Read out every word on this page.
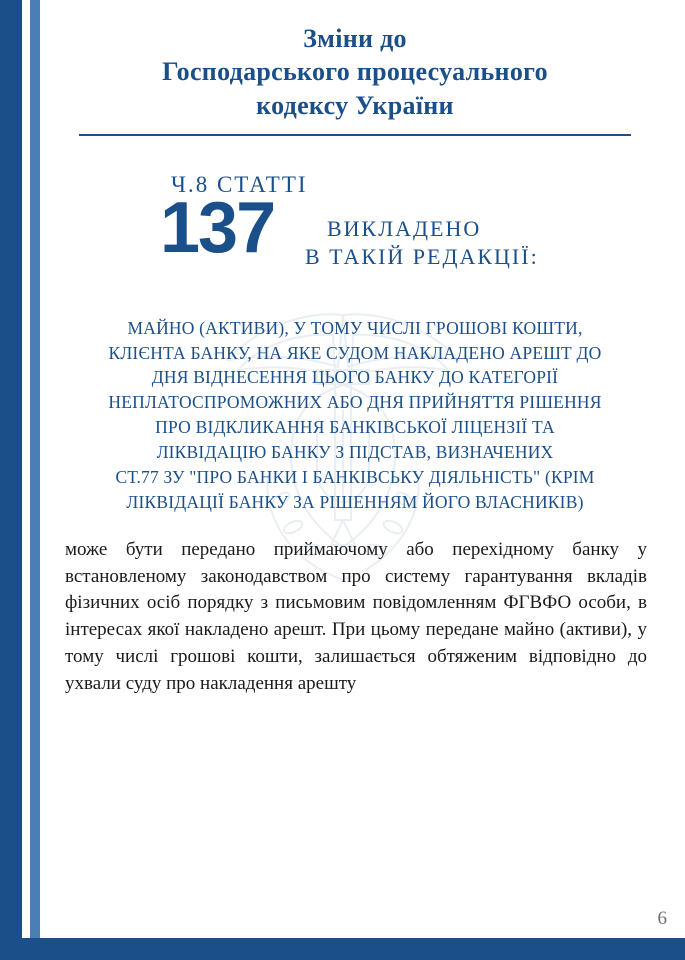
Зміни до
Господарського процесуального
кодексу України
Ч.8 СТАТТІ
137 ВИКЛАДЕНО
В ТАКІЙ РЕДАКЦІЇ:
МАЙНО (АКТИВИ), У ТОМУ ЧИСЛІ ГРОШОВІ КОШТИ,
КЛІЄНТА БАНКУ, НА ЯКЕ СУДОМ НАКЛАДЕНО АРЕШТ ДО
ДНЯ ВІДНЕСЕННЯ ЦЬОГО БАНКУ ДО КАТЕГОРІЇ
НЕПЛАТОСПРОМОЖНИХ АБО ДНЯ ПРИЙНЯТТЯ РІШЕННЯ
ПРО ВІДКЛИКАННЯ БАНКІВСЬКОЇ ЛІЦЕНЗІЇ ТА
ЛІКВІДАЦІЮ БАНКУ З ПІДСТАВ, ВИЗНАЧЕНИХ
СТ.77 ЗУ "ПРО БАНКИ І БАНКІВСЬКУ ДІЯЛЬНІСТЬ" (КРІМ
ЛІКВІДАЦІЇ БАНКУ ЗА РІШЕННЯМ ЙОГО ВЛАСНИКІВ)
може бути передано приймаючому або перехідному банку у встановленому законодавством про систему гарантування вкладів фізичних осіб порядку з письмовим повідомленням ФГВФО особи, в інтересах якої накладено арешт. При цьому передане майно (активи), у тому числі грошові кошти, залишається обтяженим відповідно до ухвали суду про накладення арешту
6
